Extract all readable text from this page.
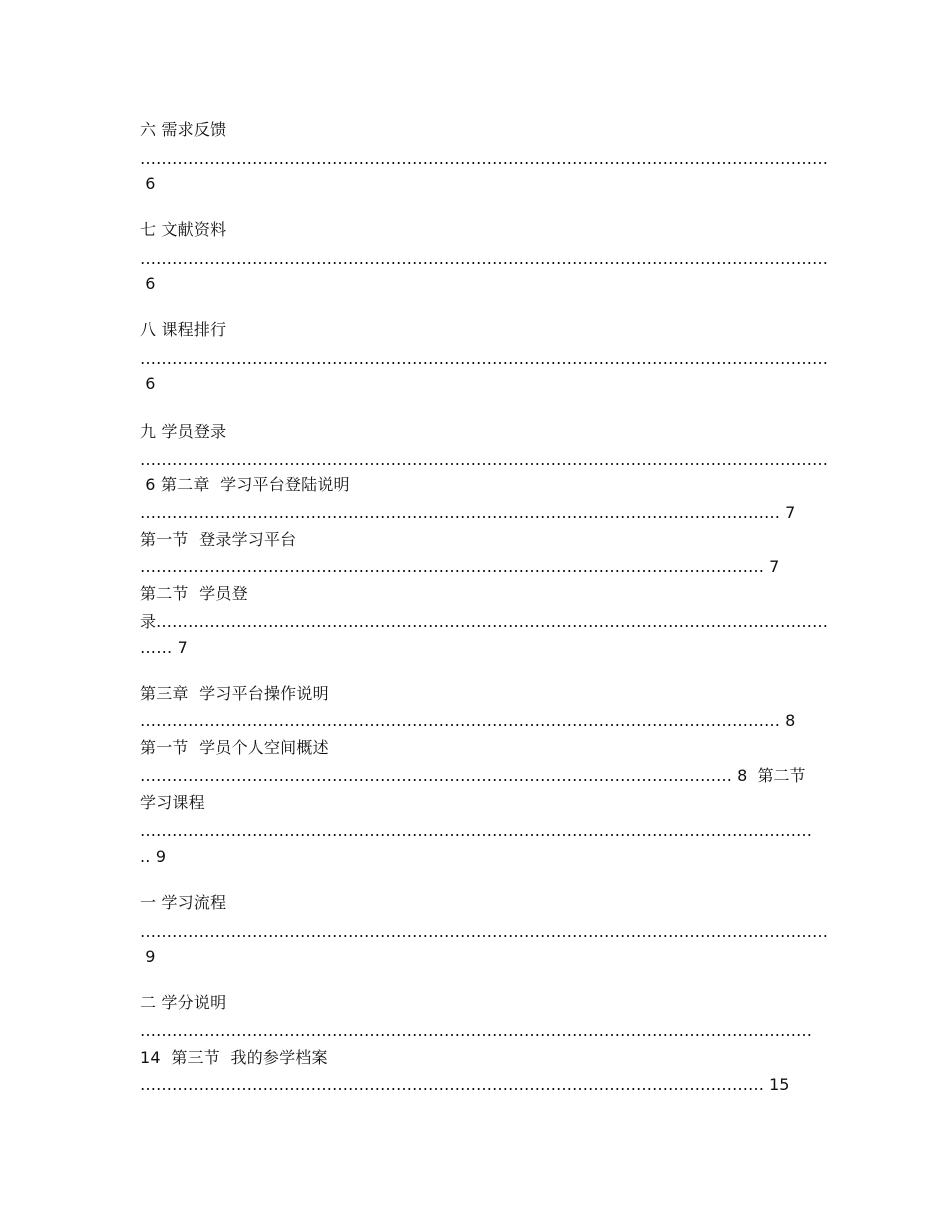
六 需求反馈
…………………………………………………………………………………………………………………
6
七 文献资料
…………………………………………………………………………………………………………………
6
八 课程排行
…………………………………………………………………………………………………………………
6
九 学员登录
…………………………………………………………………………………………………………………
6 第二章  学习平台登陆说明
………………………………………………………………………………………………………… 7
第一节  登录学习平台
……………………………………………………………………………………………………… 7
第二节  学员登
录………………………………………………………………………………………………………………
…… 7
第三章  学习平台操作说明
………………………………………………………………………………………………………… 8
第一节  学员个人空间概述
………………………………………………………………………………………………… 8  第二节
学习课程
………………………………………………………………………………………………………………
.. 9
一 学习流程
…………………………………………………………………………………………………………………
9
二 学分说明
………………………………………………………………………………………………………………
14  第三节  我的参学档案
……………………………………………………………………………………………………… 15
